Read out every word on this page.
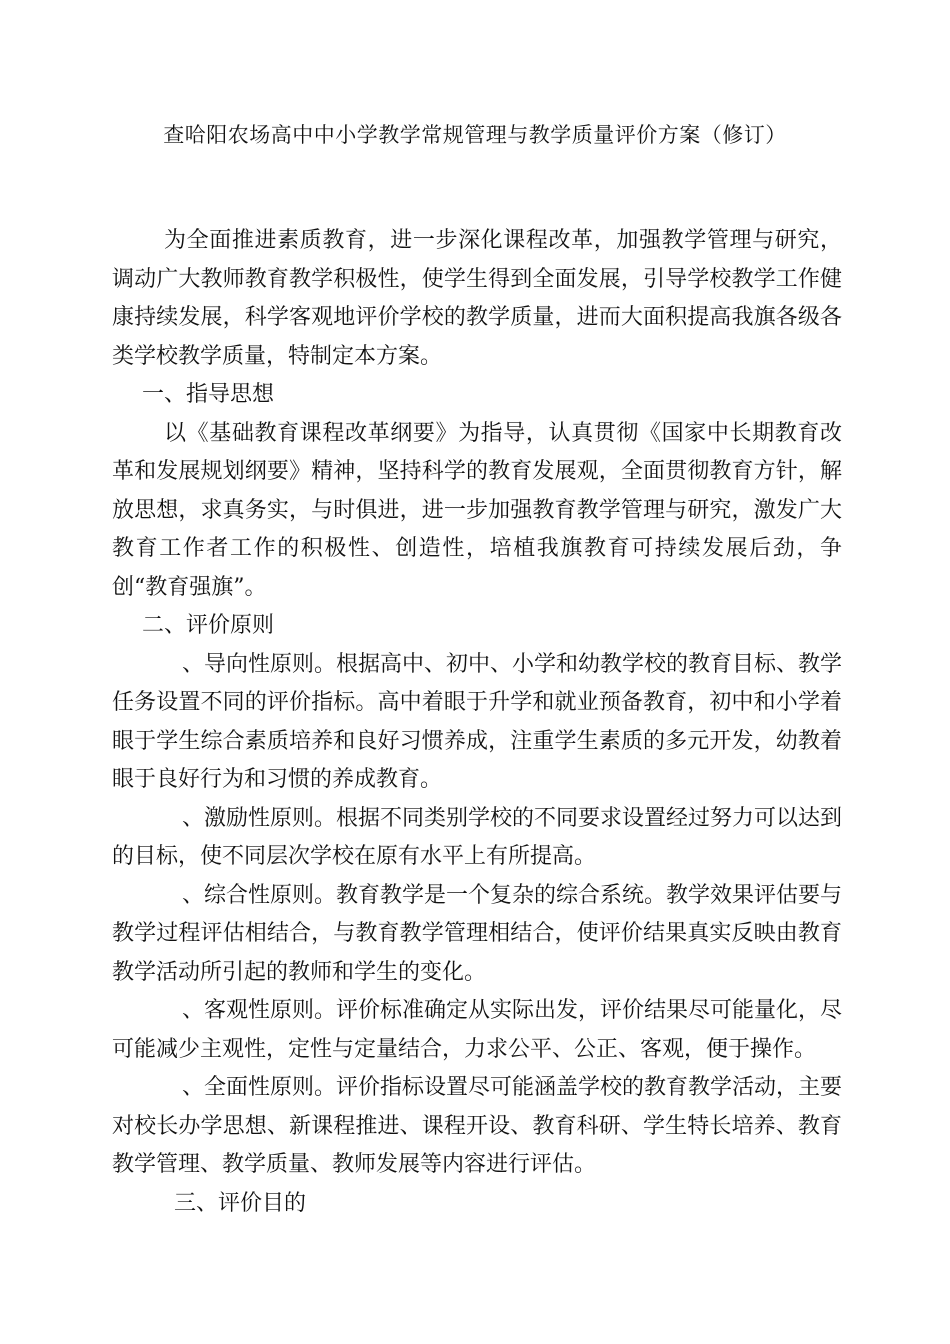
查哈阳农场高中中小学教学常规管理与教学质量评价方案（修订）

为全面推进素质教育，进一步深化课程改革，加强教学管理与研究，调动广大教师教育教学积极性，使学生得到全面发展，引导学校教学工作健康持续发展，科学客观地评价学校的教学质量，进而大面积提高我旗各级各类学校教学质量，特制定本方案。

一、指导思想

以《基础教育课程改革纲要》为指导，认真贯彻《国家中长期教育改革和发展规划纲要》精神，坚持科学的教育发展观，全面贯彻教育方针，解放思想，求真务实，与时俱进，进一步加强教育教学管理与研究，激发广大教育工作者工作的积极性、创造性，培植我旗教育可持续发展后劲，争创“教育强旗”。

二、评价原则

、导向性原则。根据高中、初中、小学和幼教学校的教育目标、教学任务设置不同的评价指标。高中着眼于升学和就业预备教育，初中和小学着眼于学生综合素质培养和良好习惯养成，注重学生素质的多元开发，幼教着眼于良好行为和习惯的养成教育。

、激励性原则。根据不同类别学校的不同要求设置经过努力可以达到的目标，使不同层次学校在原有水平上有所提高。

、综合性原则。教育教学是一个复杂的综合系统。教学效果评估要与教学过程评估相结合，与教育教学管理相结合，使评价结果真实反映由教育教学活动所引起的教师和学生的变化。

、客观性原则。评价标准确定从实际出发，评价结果尽可能量化，尽可能减少主观性，定性与定量结合，力求公平、公正、客观，便于操作。

、全面性原则。评价指标设置尽可能涵盖学校的教育教学活动，主要对校长办学思想、新课程推进、课程开设、教育科研、学生特长培养、教育教学管理、教学质量、教师发展等内容进行评估。

三、评价目的
